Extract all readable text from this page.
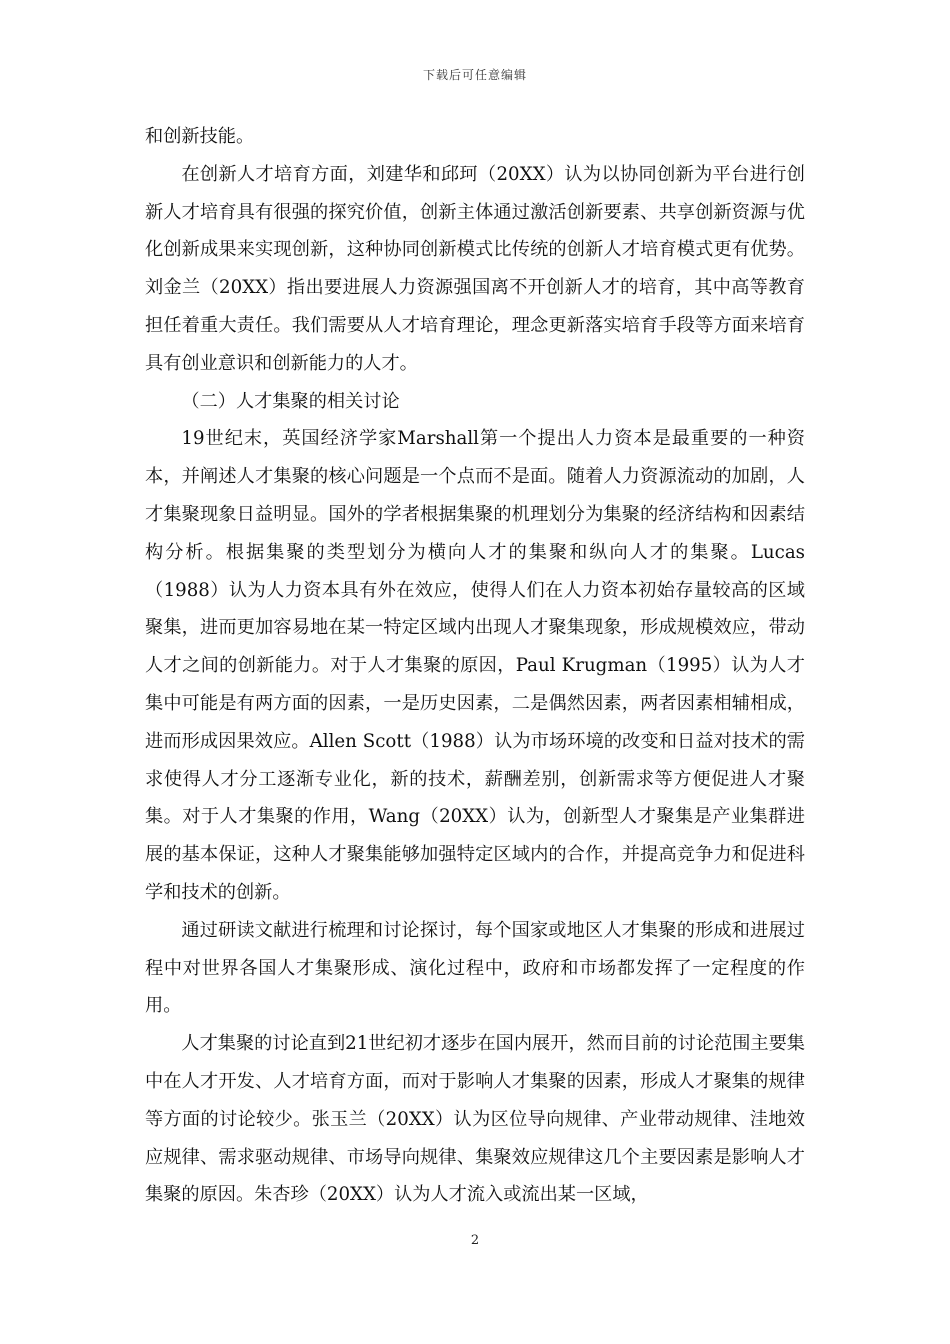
下载后可任意编辑

和创新技能。

在创新人才培育方面，刘建华和邱珂（20XX）认为以协同创新为平台进行创新人才培育具有很强的探究价值，创新主体通过激活创新要素、共享创新资源与优化创新成果来实现创新，这种协同创新模式比传统的创新人才培育模式更有优势。刘金兰（20XX）指出要进展人力资源强国离不开创新人才的培育，其中高等教育担任着重大责任。我们需要从人才培育理论，理念更新落实培育手段等方面来培育具有创业意识和创新能力的人才。

（二）人才集聚的相关讨论

19世纪末，英国经济学家Marshall第一个提出人力资本是最重要的一种资本，并阐述人才集聚的核心问题是一个点而不是面。随着人力资源流动的加剧，人才集聚现象日益明显。国外的学者根据集聚的机理划分为集聚的经济结构和因素结构分析。根据集聚的类型划分为横向人才的集聚和纵向人才的集聚。Lucas（1988）认为人力资本具有外在效应，使得人们在人力资本初始存量较高的区域聚集，进而更加容易地在某一特定区域内出现人才聚集现象，形成规模效应，带动人才之间的创新能力。对于人才集聚的原因，Paul Krugman（1995）认为人才集中可能是有两方面的因素，一是历史因素，二是偶然因素，两者因素相辅相成，进而形成因果效应。Allen Scott（1988）认为市场环境的改变和日益对技术的需求使得人才分工逐渐专业化，新的技术，薪酬差别，创新需求等方便促进人才聚集。对于人才集聚的作用，Wang（20XX）认为，创新型人才聚集是产业集群进展的基本保证，这种人才聚集能够加强特定区域内的合作，并提高竞争力和促进科学和技术的创新。

通过研读文献进行梳理和讨论探讨，每个国家或地区人才集聚的形成和进展过程中对世界各国人才集聚形成、演化过程中，政府和市场都发挥了一定程度的作用。

人才集聚的讨论直到21世纪初才逐步在国内展开，然而目前的讨论范围主要集中在人才开发、人才培育方面，而对于影响人才集聚的因素，形成人才聚集的规律等方面的讨论较少。张玉兰（20XX）认为区位导向规律、产业带动规律、洼地效应规律、需求驱动规律、市场导向规律、集聚效应规律这几个主要因素是影响人才集聚的原因。朱杏珍（20XX）认为人才流入或流出某一区域，

2
